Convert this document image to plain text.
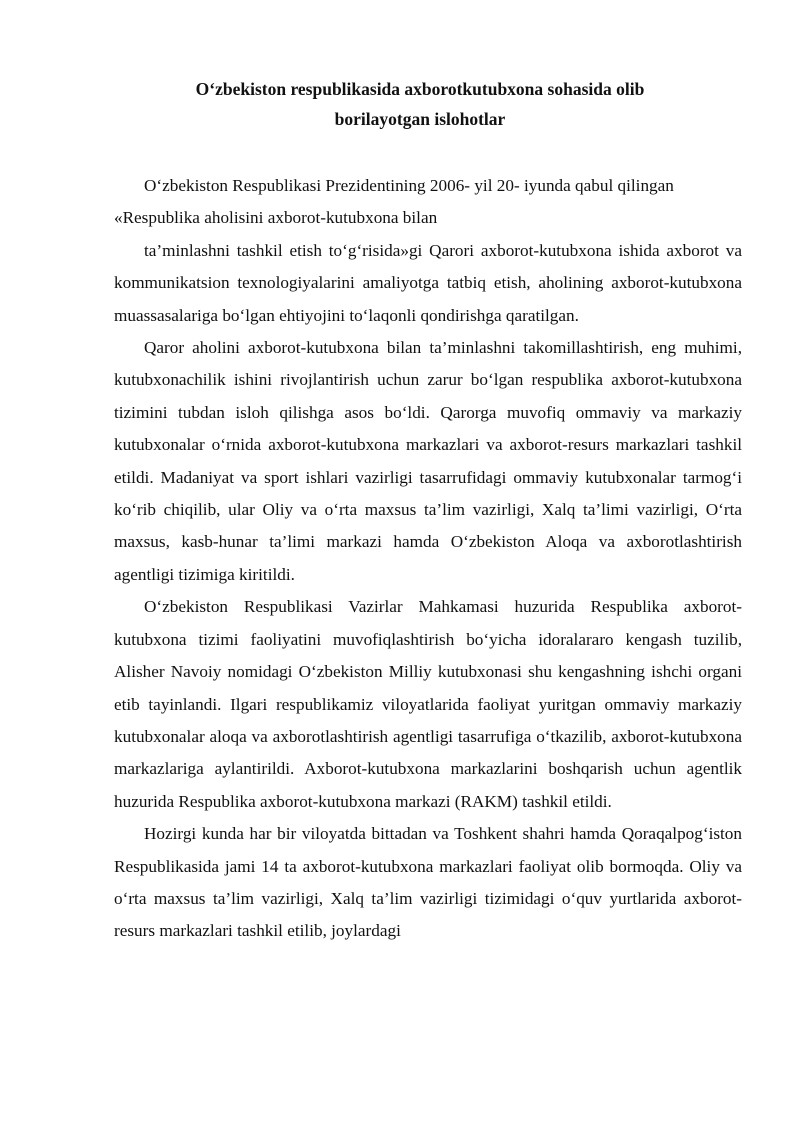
O‘zbekiston respublikasida axborotkutubxona sohasida olib
borilayotgan islohotlar

O‘zbekiston Respublikasi Prezidentining 2006- yil 20- iyunda qabul qilingan

«Respublika aholisini axborot-kutubxona bilan

ta’minlashni tashkil etish to‘g‘risida»gi Qarori axborot-kutubxona ishida axborot va kommunikatsion texnologiyalarini amaliyotga tatbiq etish, aholining axborot-kutubxona muassasalariga bo‘lgan ehtiyojini to‘laqonli qondirishga qaratilgan.

Qaror aholini axborot-kutubxona bilan ta’minlashni takomillashtirish, eng muhimi, kutubxonachilik ishini rivojlantirish uchun zarur bo‘lgan respublika axborot-kutubxona tizimini tubdan isloh qilishga asos bo‘ldi. Qarorga muvofiq ommaviy va markaziy kutubxonalar o‘rnida axborot-kutubxona markazlari va axborot-resurs markazlari tashkil etildi. Madaniyat va sport ishlari vazirligi tasarrufidagi ommaviy kutubxonalar tarmog‘i ko‘rib chiqilib, ular Oliy va o‘rta maxsus ta’lim vazirligi, Xalq ta’limi vazirligi, O‘rta maxsus, kasb-hunar ta’limi markazi hamda O‘zbekiston Aloqa va axborotlashtirish agentligi tizimiga kiritildi.

O‘zbekiston Respublikasi Vazirlar Mahkamasi huzurida Respublika axborot-kutubxona tizimi faoliyatini muvofiqlashtirish bo‘yicha idoralararo kengash tuzilib, Alisher Navoiy nomidagi O‘zbekiston Milliy kutubxonasi shu kengashning ishchi organi etib tayinlandi. Ilgari respublikamiz viloyatlarida faoliyat yuritgan ommaviy markaziy kutubxonalar aloqa va axborotlashtirish agentligi tasarrufiga o‘tkazilib, axborot-kutubxona markazlariga aylantirildi. Axborot-kutubxona markazlarini boshqarish uchun agentlik huzurida Respublika axborot-kutubxona markazi (RAKM) tashkil etildi.

Hozirgi kunda har bir viloyatda bittadan va Toshkent shahri hamda Qoraqalpog‘iston Respublikasida jami 14 ta axborot-kutubxona markazlari faoliyat olib bormoqda. Oliy va o‘rta maxsus ta’lim vazirligi, Xalq ta’lim vazirligi tizimidagi o‘quv yurtlarida axborot-resurs markazlari tashkil etilib, joylardagi
